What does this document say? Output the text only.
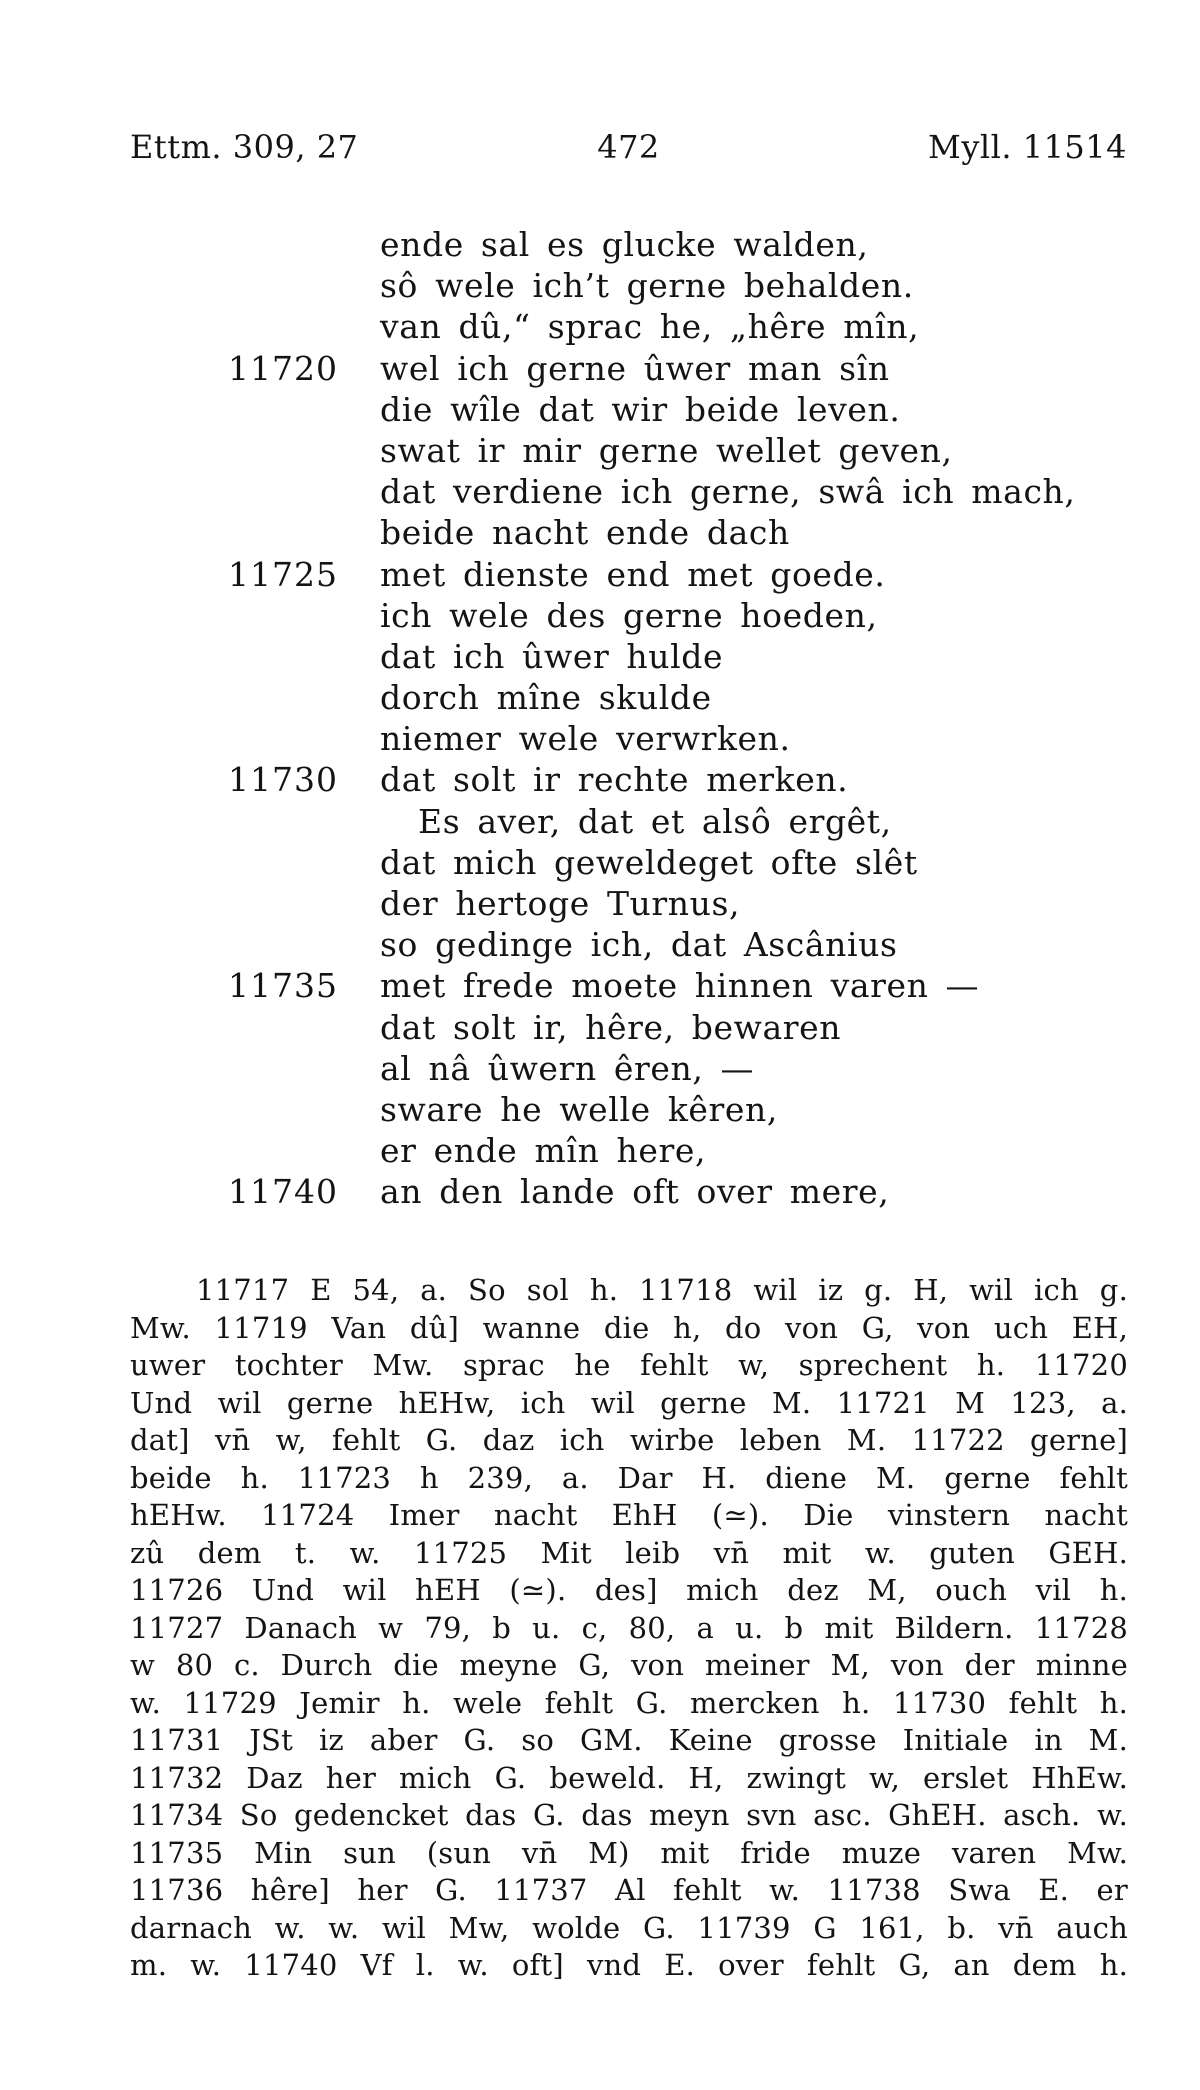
Ettm. 309, 27	472	Myll. 11514
ende sal es glucke walden,
sô wele ich’t gerne behalden.
van dû,“ sprac he, „hêre mîn,
11720 wel ich gerne ûwer man sîn
die wîle dat wir beide leven.
swat ir mir gerne wellet geven,
dat verdiene ich gerne, swâ ich mach,
beide nacht ende dach
11725 met dienste end met goede.
ich wele des gerne hoeden,
dat ich ûwer hulde
dorch mîne skulde
niemer wele verwrken.
11730 dat solt ir rechte merken.
Es aver, dat et alsô ergêt,
dat mich geweldeget ofte slêt
der hertoge Turnus,
so gedinge ich, dat Ascânius
11735 met frede moete hinnen varen —
dat solt ir, hêre, bewaren
al nâ ûwern êren, —
sware he welle kêren,
er ende mîn here,
11740 an den lande oft over mere,
11717 E 54, a. So sol h. 11718 wil iz g. H, wil ich g.
Mw. 11719 Van dû] wanne die h, do von G, von uch EH,
uwer tochter Mw. sprac he fehlt w, sprechent h. 11720
Und wil gerne hEHw, ich wil gerne M. 11721 M 123, a.
dat] vn̄ w, fehlt G. daz ich wirbe leben M. 11722 gerne]
beide h. 11723 h 239, a. Dar H. diene M. gerne fehlt
hEHw. 11724 Imer nacht EhH (≃). Die vinstern nacht
zû dem t. w. 11725 Mit leib vn̄ mit w. guten GEH.
11726 Und wil hEH (≃). des] mich dez M, ouch vil h.
11727 Danach w 79, b u. c, 80, a u. b mit Bildern. 11728
w 80 c. Durch die meyne G, von meiner M, von der minne
w. 11729 Jemir h. wele fehlt G. mercken h. 11730 fehlt h.
11731 JSt iz aber G. so GM. Keine grosse Initiale in M.
11732 Daz her mich G. beweld. H, zwingt w, erslet HhEw.
11734 So gedencket das G. das meyn svn asc. GhEH. asch. w.
11735 Min sun (sun vn̄ M) mit fride muze varen Mw.
11736 hêre] her G. 11737 Al fehlt w. 11738 Swa E. er
darnach w. w. wil Mw, wolde G. 11739 G 161, b. vn̄ auch
m. w. 11740 Vf l. w. oft] vnd E. over fehlt G, an dem h.
